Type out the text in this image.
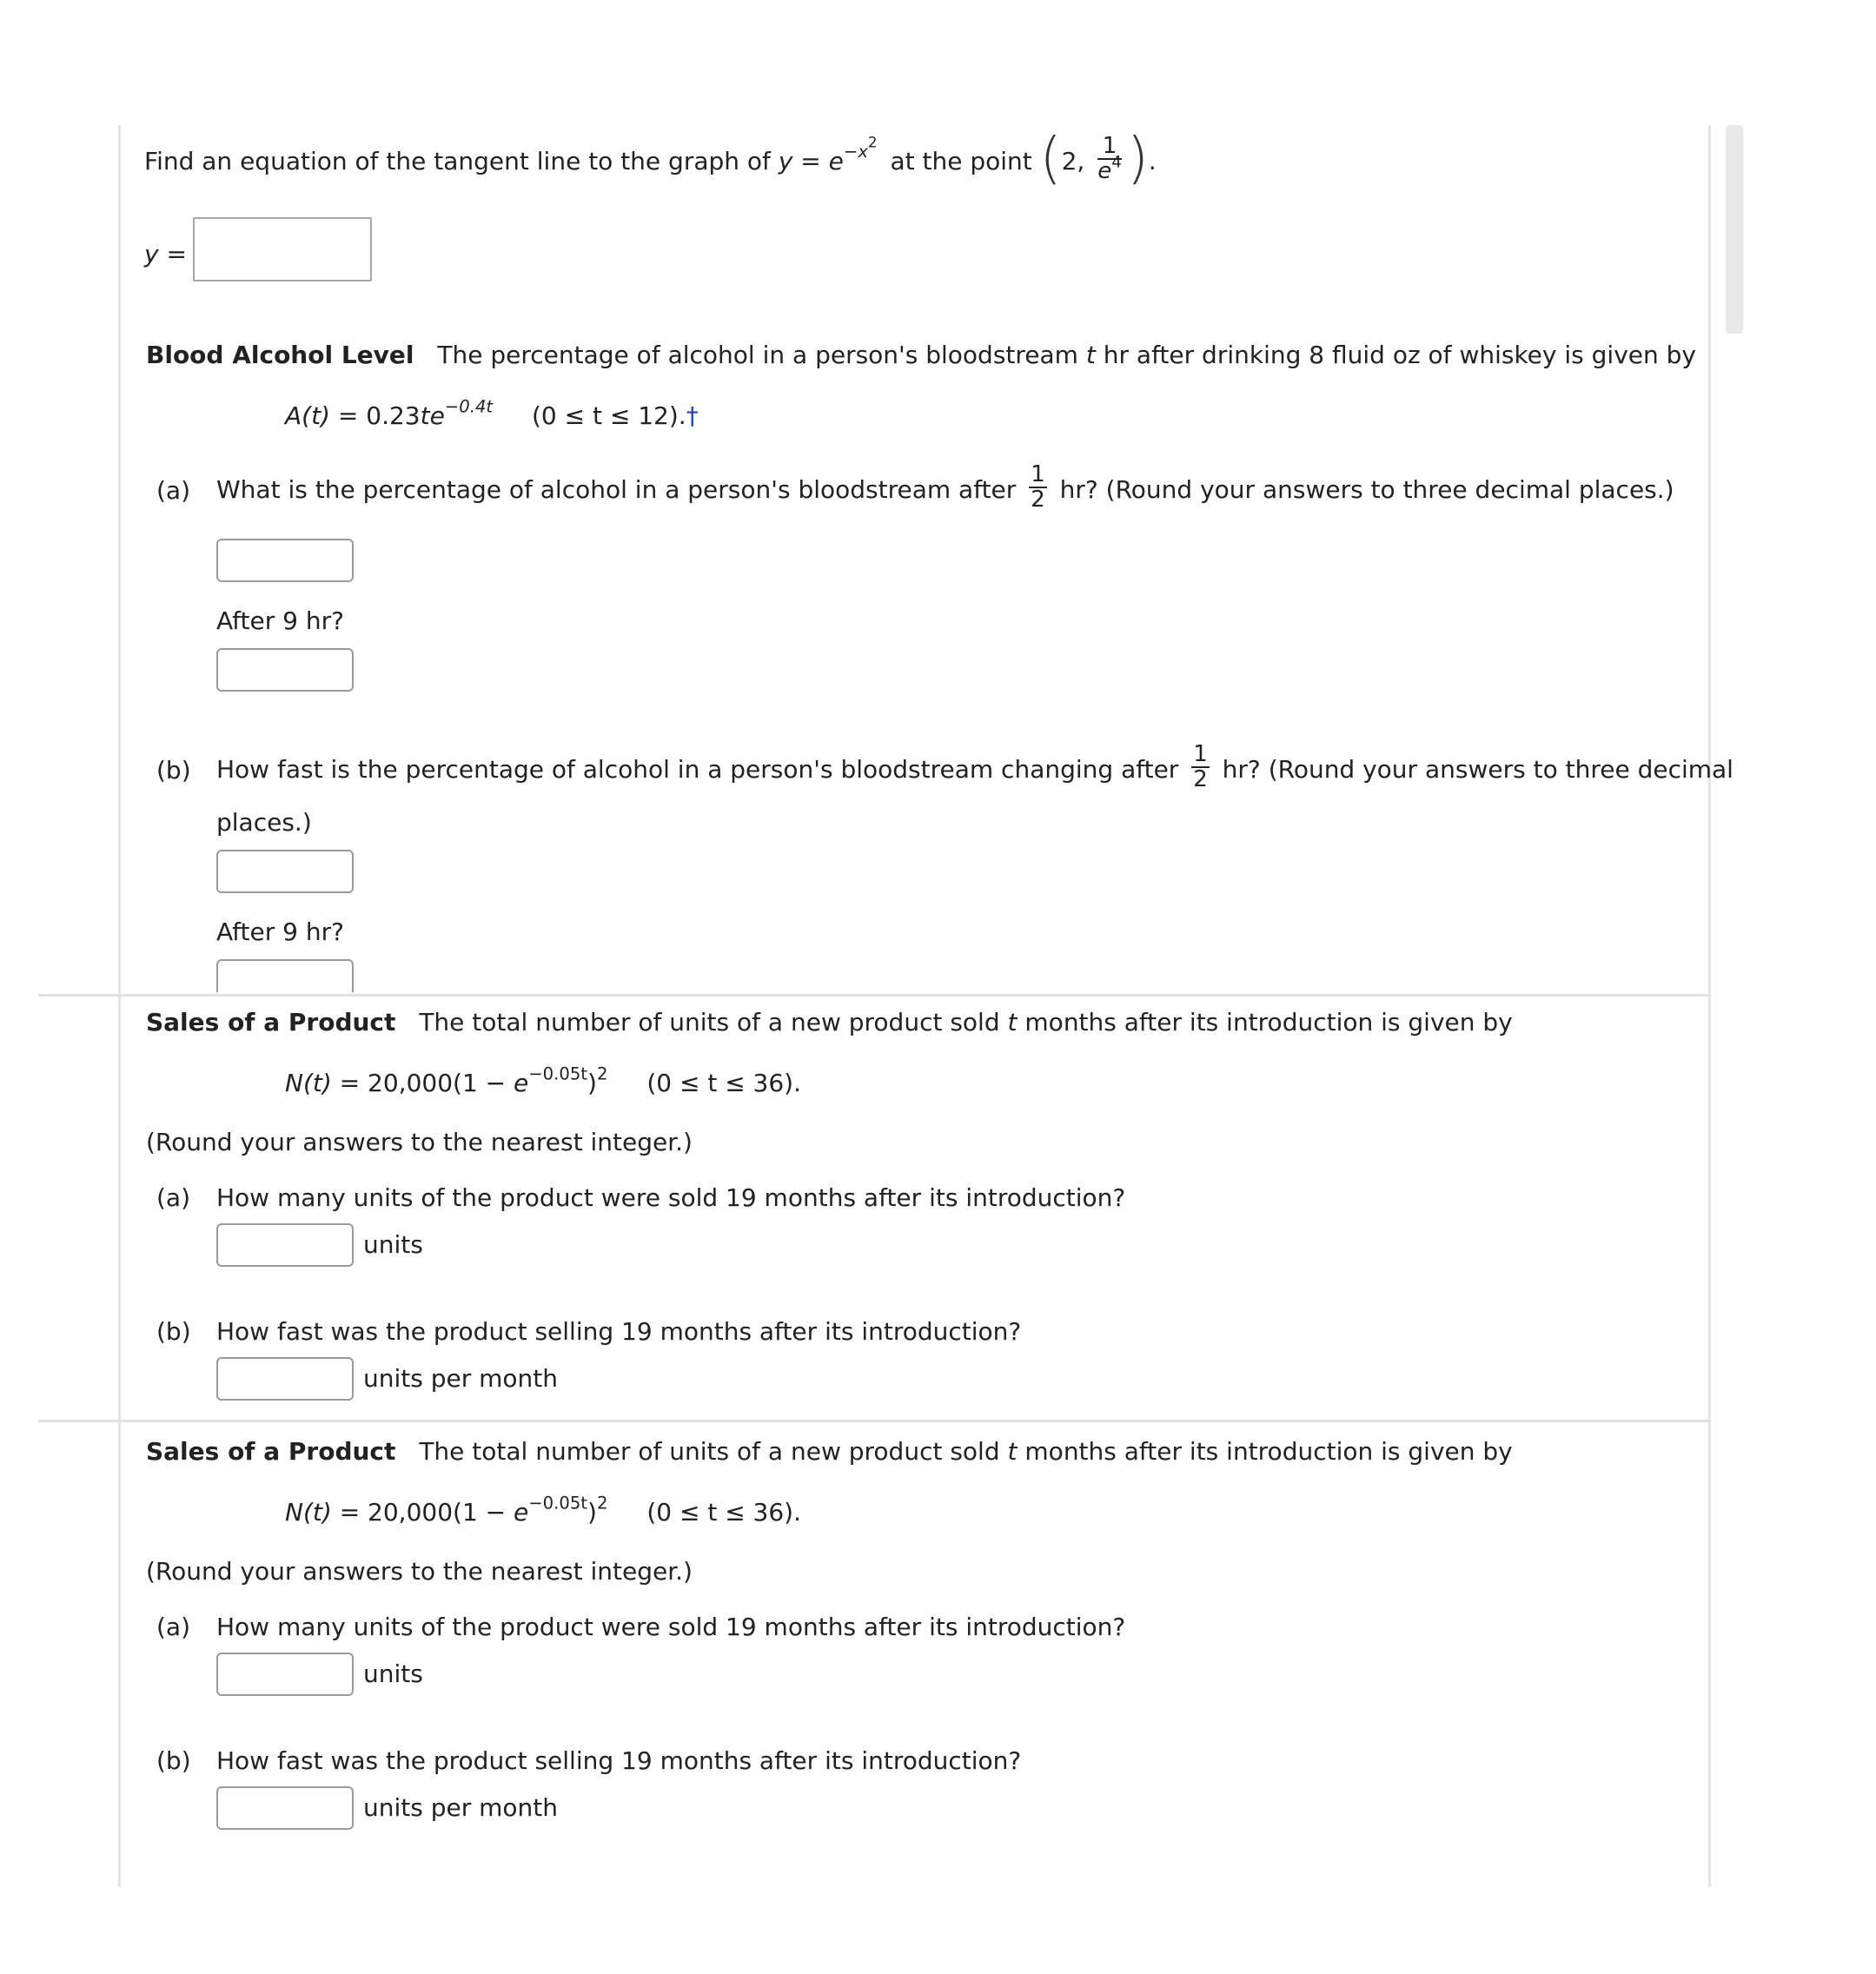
Find an equation of the tangent line to the graph of $y = e^{-x^2}$ at the point (2, $\frac{1}{e^4}$ ).
y =
Blood Alcohol Level The percentage of alcohol in a person's bloodstream t hr after drinking 8 fluid oz of whiskey is given by
$A(t) = 0.23te^{-0.4t}$ (0 ≤ t ≤ 12).†
(a) What is the percentage of alcohol in a person's bloodstream after $\frac{1}{2}$ hr? (Round your answers to three decimal places.)
After 9 hr?
(b) How fast is the percentage of alcohol in a person's bloodstream changing after $\frac{1}{2}$ hr? (Round your answers to three decimal
places.)
After 9 hr?
Sales of a Product The total number of units of a new product sold t months after its introduction is given by
$N(t) = 20,000(1 - e^{-0.05t})^2$ (0 ≤ t ≤ 36).
(Round your answers to the nearest integer.)
(a) How many units of the product were sold 19 months after its introduction?
units
(b) How fast was the product selling 19 months after its introduction?
units per month
Sales of a Product The total number of units of a new product sold t months after its introduction is given by
$N(t) = 20,000(1 - e^{-0.05t})^2$ (0 ≤ t ≤ 36).
(Round your answers to the nearest integer.)
(a) How many units of the product were sold 19 months after its introduction?
units
(b) How fast was the product selling 19 months after its introduction?
units per month
